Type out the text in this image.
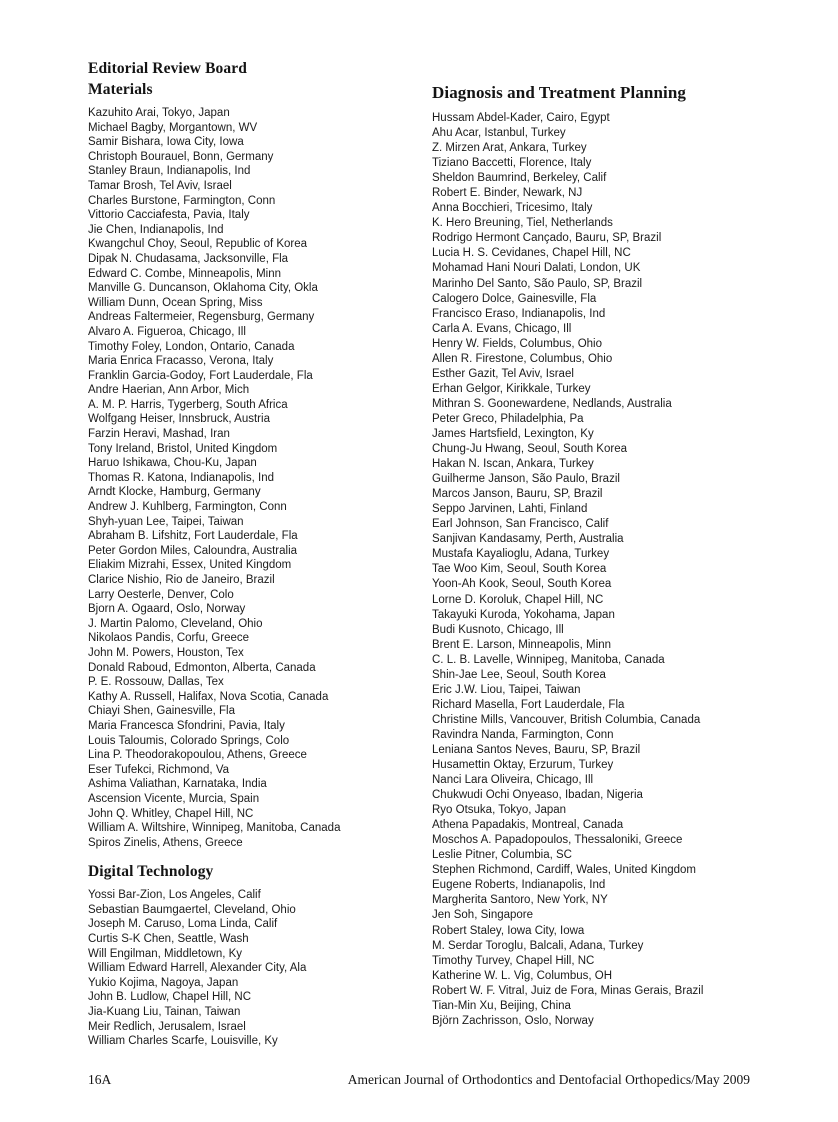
Editorial Review Board
Materials
Kazuhito Arai, Tokyo, Japan
Michael Bagby, Morgantown, WV
Samir Bishara, Iowa City, Iowa
Christoph Bourauel, Bonn, Germany
Stanley Braun, Indianapolis, Ind
Tamar Brosh, Tel Aviv, Israel
Charles Burstone, Farmington, Conn
Vittorio Cacciafesta, Pavia, Italy
Jie Chen, Indianapolis, Ind
Kwangchul Choy, Seoul, Republic of Korea
Dipak N. Chudasama, Jacksonville, Fla
Edward C. Combe, Minneapolis, Minn
Manville G. Duncanson, Oklahoma City, Okla
William Dunn, Ocean Spring, Miss
Andreas Faltermeier, Regensburg, Germany
Alvaro A. Figueroa, Chicago, Ill
Timothy Foley, London, Ontario, Canada
Maria Enrica Fracasso, Verona, Italy
Franklin Garcia-Godoy, Fort Lauderdale, Fla
Andre Haerian, Ann Arbor, Mich
A. M. P. Harris, Tygerberg, South Africa
Wolfgang Heiser, Innsbruck, Austria
Farzin Heravi, Mashad, Iran
Tony Ireland, Bristol, United Kingdom
Haruo Ishikawa, Chou-Ku, Japan
Thomas R. Katona, Indianapolis, Ind
Arndt Klocke, Hamburg, Germany
Andrew J. Kuhlberg, Farmington, Conn
Shyh-yuan Lee, Taipei, Taiwan
Abraham B. Lifshitz, Fort Lauderdale, Fla
Peter Gordon Miles, Caloundra, Australia
Eliakim Mizrahi, Essex, United Kingdom
Clarice Nishio, Rio de Janeiro, Brazil
Larry Oesterle, Denver, Colo
Bjorn A. Ogaard, Oslo, Norway
J. Martin Palomo, Cleveland, Ohio
Nikolaos Pandis, Corfu, Greece
John M. Powers, Houston, Tex
Donald Raboud, Edmonton, Alberta, Canada
P. E. Rossouw, Dallas, Tex
Kathy A. Russell, Halifax, Nova Scotia, Canada
Chiayi Shen, Gainesville, Fla
Maria Francesca Sfondrini, Pavia, Italy
Louis Taloumis, Colorado Springs, Colo
Lina P. Theodorakopoulou, Athens, Greece
Eser Tufekci, Richmond, Va
Ashima Valiathan, Karnataka, India
Ascension Vicente, Murcia, Spain
John Q. Whitley, Chapel Hill, NC
William A. Wiltshire, Winnipeg, Manitoba, Canada
Spiros Zinelis, Athens, Greece
Digital Technology
Yossi Bar-Zion, Los Angeles, Calif
Sebastian Baumgaertel, Cleveland, Ohio
Joseph M. Caruso, Loma Linda, Calif
Curtis S-K Chen, Seattle, Wash
Will Engilman, Middletown, Ky
William Edward Harrell, Alexander City, Ala
Yukio Kojima, Nagoya, Japan
John B. Ludlow, Chapel Hill, NC
Jia-Kuang Liu, Tainan, Taiwan
Meir Redlich, Jerusalem, Israel
William Charles Scarfe, Louisville, Ky
Diagnosis and Treatment Planning
Hussam Abdel-Kader, Cairo, Egypt
Ahu Acar, Istanbul, Turkey
Z. Mirzen Arat, Ankara, Turkey
Tiziano Baccetti, Florence, Italy
Sheldon Baumrind, Berkeley, Calif
Robert E. Binder, Newark, NJ
Anna Bocchieri, Tricesimo, Italy
K. Hero Breuning, Tiel, Netherlands
Rodrigo Hermont Cançado, Bauru, SP, Brazil
Lucia H. S. Cevidanes, Chapel Hill, NC
Mohamad Hani Nouri Dalati, London, UK
Marinho Del Santo, São Paulo, SP, Brazil
Calogero Dolce, Gainesville, Fla
Francisco Eraso, Indianapolis, Ind
Carla A. Evans, Chicago, Ill
Henry W. Fields, Columbus, Ohio
Allen R. Firestone, Columbus, Ohio
Esther Gazit, Tel Aviv, Israel
Erhan Gelgor, Kirikkale, Turkey
Mithran S. Goonewardene, Nedlands, Australia
Peter Greco, Philadelphia, Pa
James Hartsfield, Lexington, Ky
Chung-Ju Hwang, Seoul, South Korea
Hakan N. Iscan, Ankara, Turkey
Guilherme Janson, São Paulo, Brazil
Marcos Janson, Bauru, SP, Brazil
Seppo Jarvinen, Lahti, Finland
Earl Johnson, San Francisco, Calif
Sanjivan Kandasamy, Perth, Australia
Mustafa Kayalioglu, Adana, Turkey
Tae Woo Kim, Seoul, South Korea
Yoon-Ah Kook, Seoul, South Korea
Lorne D. Koroluk, Chapel Hill, NC
Takayuki Kuroda, Yokohama, Japan
Budi Kusnoto, Chicago, Ill
Brent E. Larson, Minneapolis, Minn
C. L. B. Lavelle, Winnipeg, Manitoba, Canada
Shin-Jae Lee, Seoul, South Korea
Eric J.W. Liou, Taipei, Taiwan
Richard Masella, Fort Lauderdale, Fla
Christine Mills, Vancouver, British Columbia, Canada
Ravindra Nanda, Farmington, Conn
Leniana Santos Neves, Bauru, SP, Brazil
Husamettin Oktay, Erzurum, Turkey
Nanci Lara Oliveira, Chicago, Ill
Chukwudi Ochi Onyeaso, Ibadan, Nigeria
Ryo Otsuka, Tokyo, Japan
Athena Papadakis, Montreal, Canada
Moschos A. Papadopoulos, Thessaloniki, Greece
Leslie Pitner, Columbia, SC
Stephen Richmond, Cardiff, Wales, United Kingdom
Eugene Roberts, Indianapolis, Ind
Margherita Santoro, New York, NY
Jen Soh, Singapore
Robert Staley, Iowa City, Iowa
M. Serdar Toroglu, Balcali, Adana, Turkey
Timothy Turvey, Chapel Hill, NC
Katherine W. L. Vig, Columbus, OH
Robert W. F. Vitral, Juiz de Fora, Minas Gerais, Brazil
Tian-Min Xu, Beijing, China
Björn Zachrisson, Oslo, Norway
16A	American Journal of Orthodontics and Dentofacial Orthopedics/May 2009
